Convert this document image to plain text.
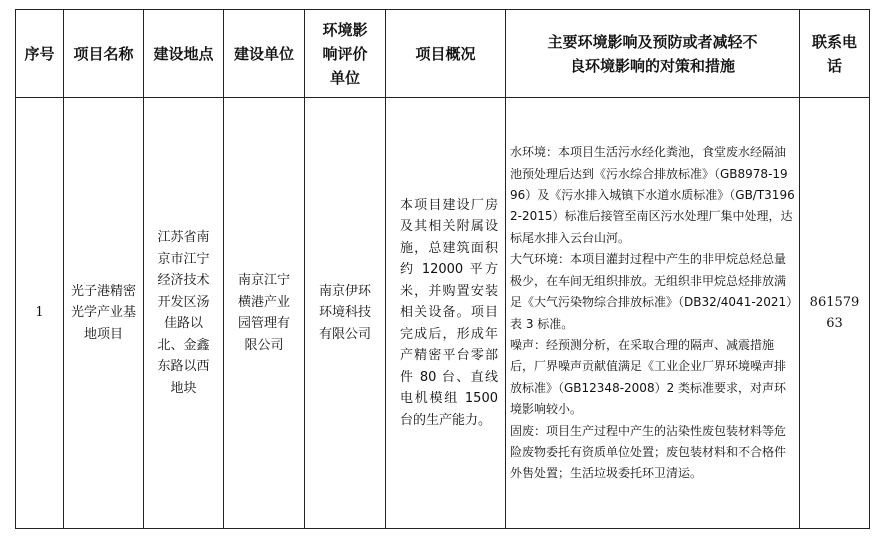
序号	项目名称	建设地点	建设单位	环境影响评价单位	项目概况	主要环境影响及预防或者减轻不良环境影响的对策和措施	联系电话

1	光子港精密光学产业基地项目	江苏省南京市江宁经济技术开发区汤佳路以北、金鑫东路以西地块	南京江宁横港产业园管理有限公司	南京伊环环境科技有限公司	本项目建设厂房及其相关附属设施，总建筑面积约 12000 平方米，并购置安装相关设备。项目完成后，形成年产精密平台零部件 80 台、直线电机模组 1500 台的生产能力。	水环境：本项目生活污水经化粪池，食堂废水经隔油池预处理后达到《污水综合排放标准》（GB8978-1996）及《污水排入城镇下水道水质标准》（GB/T31962-2015）标准后接管至南区污水处理厂集中处理，达标尾水排入云台山河。

大气环境：本项目灌封过程中产生的非甲烷总烃总量极少，在车间无组织排放。无组织非甲烷总烃排放满足《大气污染物综合排放标准》（DB32/4041-2021）表 3 标准。

噪声：经预测分析，在采取合理的隔声、减震措施后，厂界噪声贡献值满足《工业企业厂界环境噪声排放标准》（GB12348-2008）2 类标准要求，对声环境影响较小。

固废：项目生产过程中产生的沾染性废包装材料等危险废物委托有资质单位处置；废包装材料和不合格件外售处置；生活垃圾委托环卫清运。	86157963
